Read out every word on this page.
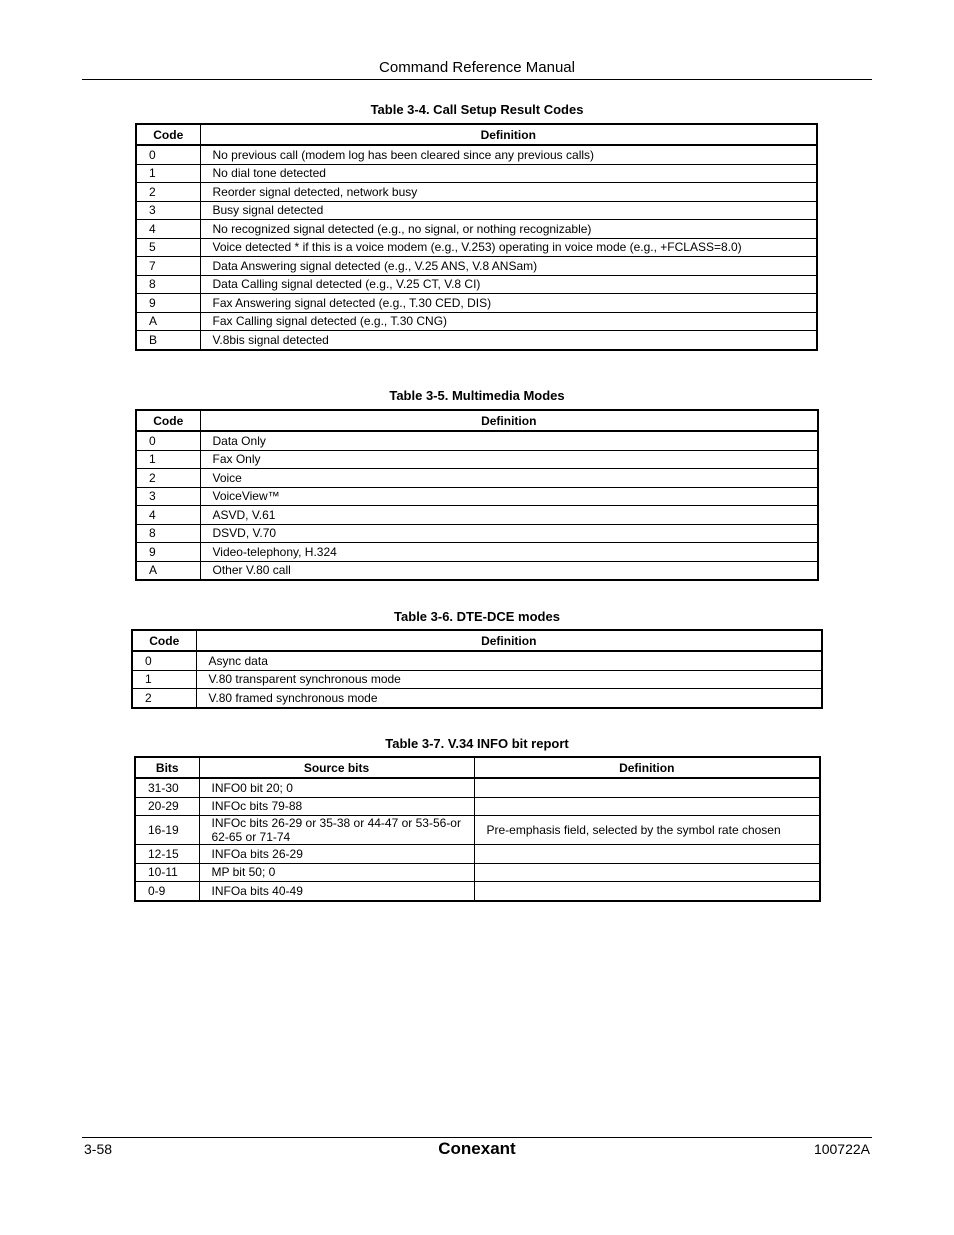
Command Reference Manual
Table 3-4. Call Setup Result Codes
Code	Definition
0	No previous call (modem log has been cleared since any previous calls)
1	No dial tone detected
2	Reorder signal detected, network busy
3	Busy signal detected
4	No recognized signal detected (e.g., no signal, or nothing recognizable)
5	Voice detected * if this is a voice modem (e.g., V.253) operating in voice mode (e.g., +FCLASS=8.0)
7	Data Answering signal detected (e.g., V.25 ANS, V.8 ANSam)
8	Data Calling signal detected (e.g., V.25 CT, V.8 CI)
9	Fax Answering signal detected (e.g., T.30 CED, DIS)
A	Fax Calling signal detected (e.g., T.30 CNG)
B	V.8bis signal detected
Table 3-5. Multimedia Modes
Code	Definition
0	Data Only
1	Fax Only
2	Voice
3	VoiceView™
4	ASVD, V.61
8	DSVD, V.70
9	Video-telephony, H.324
A	Other V.80 call
Table 3-6. DTE-DCE modes
Code	Definition
0	Async data
1	V.80 transparent synchronous mode
2	V.80 framed synchronous mode
Table 3-7. V.34 INFO bit report
Bits	Source bits	Definition
31-30	INFO0 bit 20; 0	
20-29	INFOc bits 79-88	
16-19	INFOc bits 26-29 or 35-38 or 44-47 or 53-56-or 62-65 or 71-74	Pre-emphasis field, selected by the symbol rate chosen
12-15	INFOa bits 26-29	
10-11	MP bit 50; 0	
0-9	INFOa bits 40-49	
3-58	Conexant	100722A
